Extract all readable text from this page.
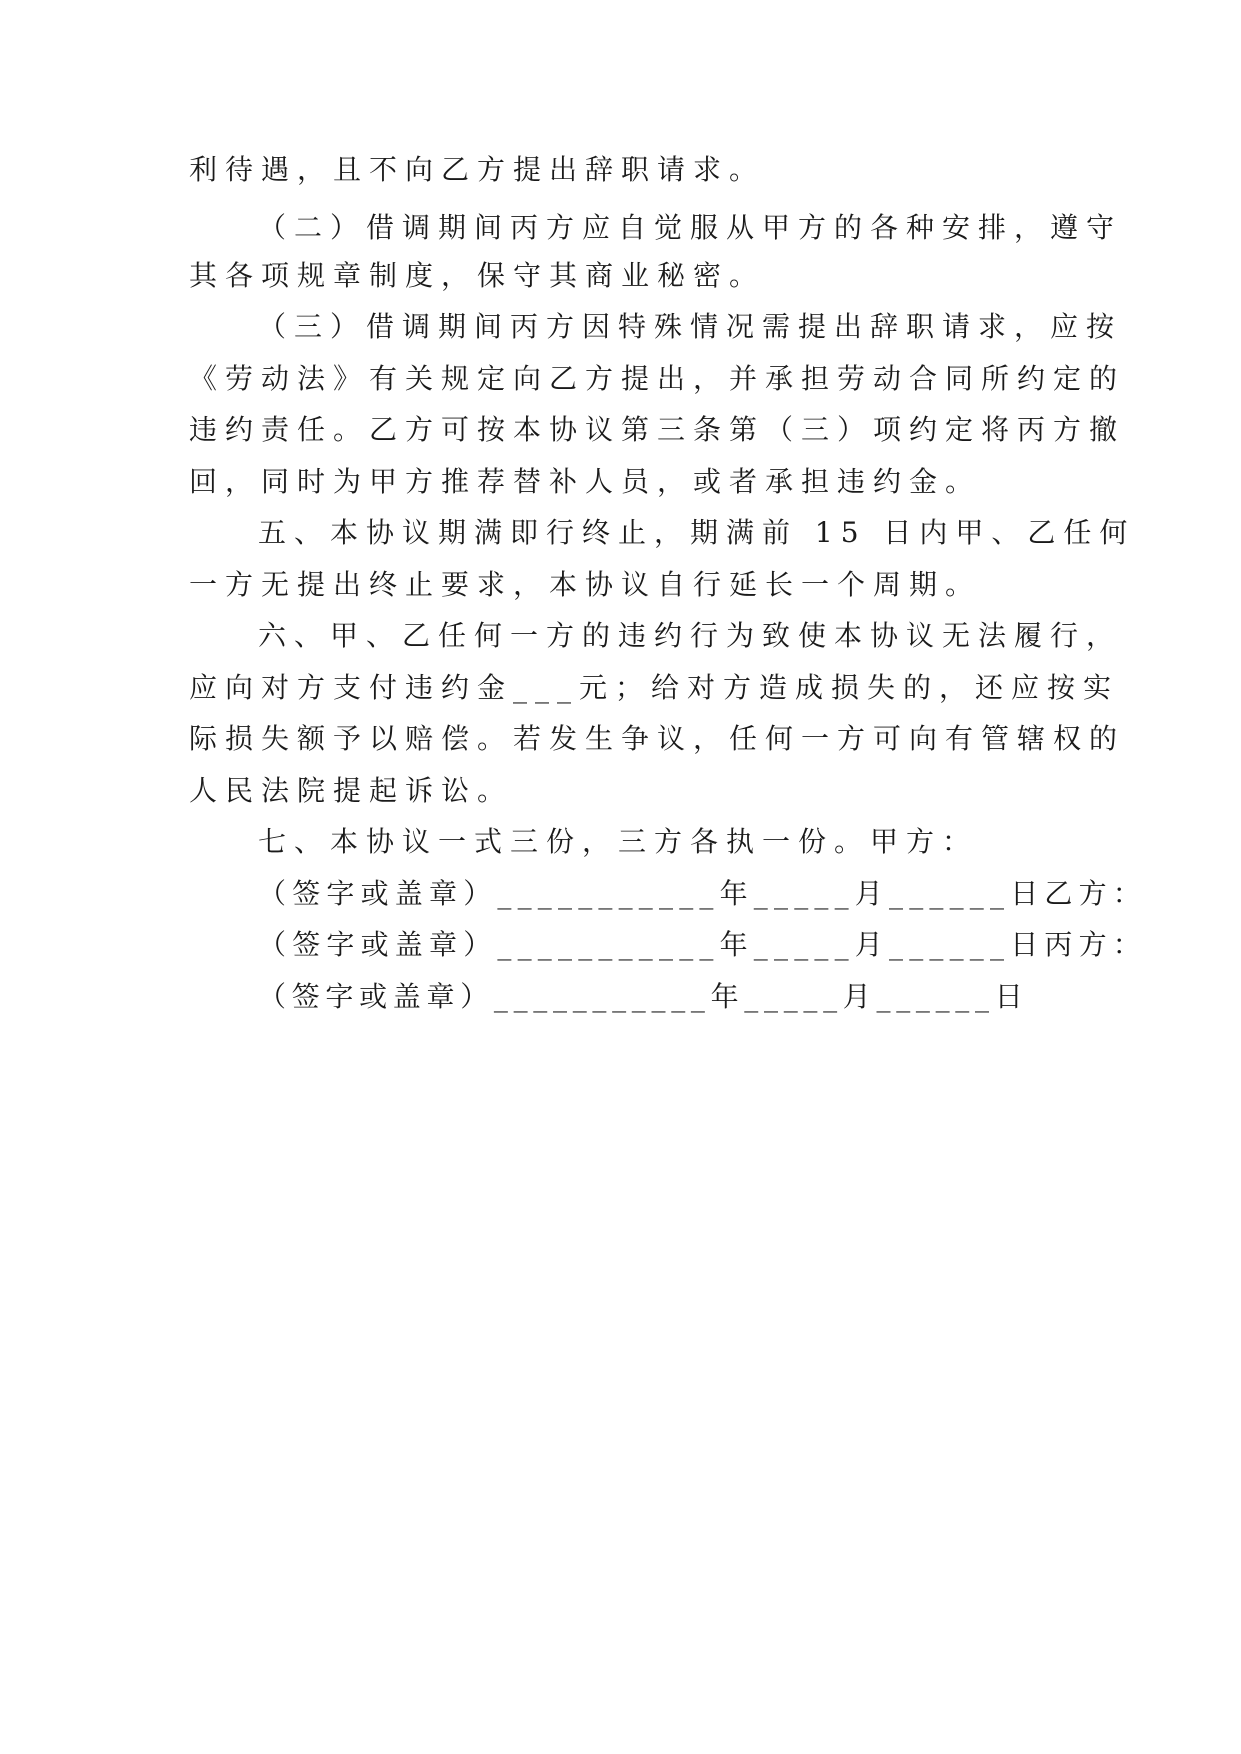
利待遇，且不向乙方提出辞职请求。

（二）借调期间丙方应自觉服从甲方的各种安排，遵守

其各项规章制度，保守其商业秘密。

（三）借调期间丙方因特殊情况需提出辞职请求，应按

《劳动法》有关规定向乙方提出，并承担劳动合同所约定的

违约责任。乙方可按本协议第三条第（三）项约定将丙方撤

回，同时为甲方推荐替补人员，或者承担违约金。

五、本协议期满即行终止，期满前 15 日内甲、乙任何

一方无提出终止要求，本协议自行延长一个周期。

六、甲、乙任何一方的违约行为致使本协议无法履行，

应向对方支付违约金___元；给对方造成损失的，还应按实

际损失额予以赔偿。若发生争议，任何一方可向有管辖权的

人民法院提起诉讼。

七、本协议一式三份，三方各执一份。甲方：

（签字或盖章）___________年_____月______日乙方：

（签字或盖章）___________年_____月______日丙方：

（签字或盖章）___________年_____月______日
